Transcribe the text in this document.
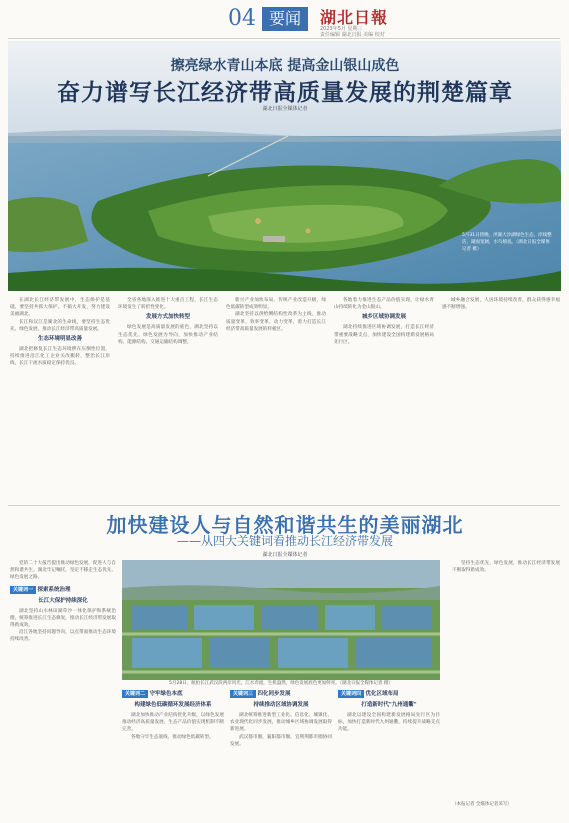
04 要闻	湖北日報
2023年5月 星期三
责任编辑 湖北日报 美编 校对
擦亮绿水青山本底 提高金山银山成色
奋力谱写长江经济带高质量发展的荆楚篇章
湖北日报全媒体记者
5月31日傍晚，洪湖大沙湖绿色生态，岸线整洁，湖面宽阔，水鸟嬉戏。（湖北日报全媒体记者 摄）

在湖北长江经济带发展中，生态保护是基础，要坚持共抓大保护、不搞大开发，努力建设美丽湖北。

长江和汉江是湖北的生命线，要坚持生态优先、绿色发展，推动长江经济带高质量发展。

生态环境明显改善

湖北把修复长江生态环境摆在压倒性位置，持续推进沿江化工企业关改搬转，整治长江岸线，长江干流水质稳定保持优良。

全省各地深入推进十大重点工程，长江生态环境发生了转折性变化。

发展方式加快转型

绿色发展是高质量发展的底色，湖北坚持以生态优先、绿色发展为导向，加快推动产业结构、能源结构、交通运输结构调整。

新兴产业加快布局，传统产业改造升级，绿色低碳转型成效明显。

湖北坚持以供给侧结构性改革为主线，推动质量变革、效率变革、动力变革，着力打造长江经济带高质量发展的样板区。

各地着力推进生态产品价值实现，让绿水青山持续转化为金山银山。

城乡区域协调发展

湖北持续推进区域协调发展，打造长江经济带重要战略支点，加快建设全国构建新发展格局先行区。

城乡融合发展，人居环境持续改善，群众获得感幸福感不断增强。

加快建设人与自然和谐共生的美丽湖北
——从四大关键词看推动长江经济带发展
湖北日报全媒体记者
5月28日，航拍长江武汉段两岸风光，江水奔流，生机盎然，绿色发展底色更加鲜亮。（湖北日报全媒体记者 摄）

党的二十大报告提出推动绿色发展，促进人与自然和谐共生。湖北牢记嘱托，坚定不移走生态优先、绿色发展之路。

关键词一 探索系统治理
长江大保护持续深化

湖北坚持山水林田湖草沙一体化保护和系统治理，统筹推进长江生态修复，推动长江经济带发展取得新成效。

沿江各地坚持问题导向，以点带面推动生态环境持续改善。

关键词二 守牢绿色本底
构建绿色低碳循环发展经济体系

湖北加快推动产业结构优化升级，以绿色发展推动经济高质量发展，生态产品价值实现机制不断完善。

各地守牢生态底线，推动绿色低碳转型。

关键词三 四化同步发展
持续推动区域协调发展

湖北统筹推进新型工业化、信息化、城镇化、农业现代化同步发展，推动城乡区域协调发展取得新进展。

武汉都市圈、襄阳都市圈、宜荆荆都市圈协同发展。

关键词四 优化区域布局
打造新时代"九州通衢"

湖北以建设全国构建新发展格局先行区为目标，加快打造新时代九州通衢，持续提升战略支点功能。

坚持生态优先、绿色发展，推动长江经济带发展不断取得新成效。

（本报记者 全媒体记者采写）
